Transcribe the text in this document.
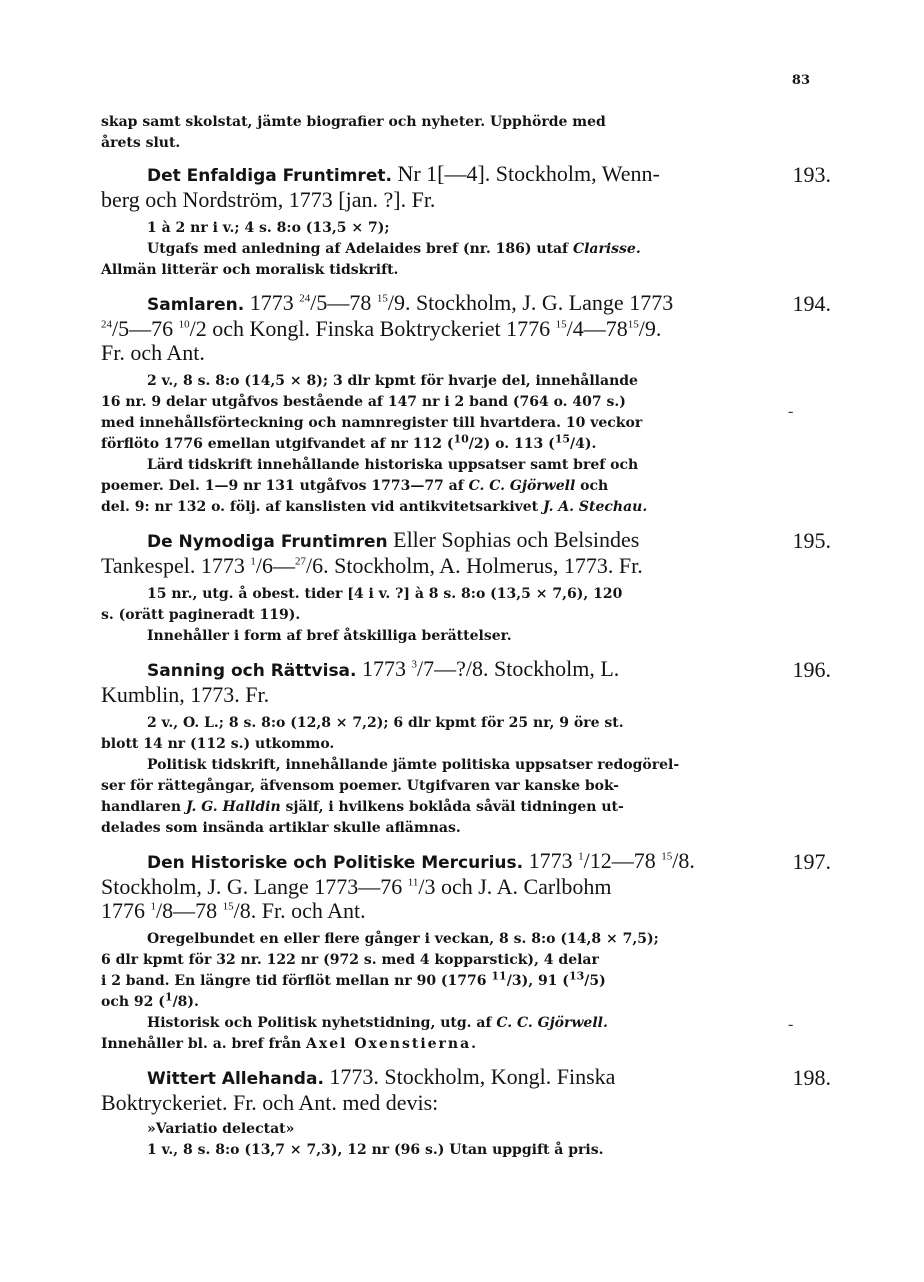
83
skap samt skolstat, jämte biografier och nyheter. Upphörde med
årets slut.
193.
Det Enfaldiga Fruntimret. Nr 1[—4]. Stockholm, Wenn-
berg och Nordström, 1773 [jan. ?]. Fr.
1 à 2 nr i v.; 4 s. 8:o (13,5 × 7);
Utgafs med anledning af Adelaides bref (nr. 186) utaf Clarisse.
Allmän litterär och moralisk tidskrift.
194.
Samlaren. 1773 $^{24}$/5—78 $^{15}$/9. Stockholm, J. G. Lange 1773
$^{24}$/5—76 $^{10}$/2 och Kongl. Finska Boktryckeriet 1776 $^{15}/4—78^{15}/9$.
Fr. och Ant.
2 v., 8 s. 8:o (14,5 × 8); 3 dlr kpmt för hvarje del, innehållande
16 nr. 9 delar utgåfvos bestående af 147 nr i 2 band (764 o. 407 s.)
med innehållsförteckning och namnregister till hvartdera. 10 veckor
förflöto 1776 emellan utgifvandet af nr 112 ($^{10}$/2) o. 113 ($^{15}$/4).
Lärd tidskrift innehållande historiska uppsatser samt bref och
poemer. Del. 1—9 nr 131 utgåfvos 1773—77 af C. C. Gjörwell och
del. 9: nr 132 o. följ. af kanslisten vid antikvitetsarkivet J. A. Stechau.
195.
De Nymodiga Fruntimren Eller Sophias och Belsindes
Tankespel. 1773 $^1$/6—$^{27}$/6. Stockholm, A. Holmerus, 1773. Fr.
15 nr., utg. å obest. tider [4 i v. ?] à 8 s. 8:o (13,5 × 7,6), 120
s. (orätt pagineradt 119).
Innehåller i form af bref åtskilliga berättelser.
196.
Sanning och Rättvisa. 1773 $^3$/7—?/8. Stockholm, L.
Kumblin, 1773. Fr.
2 v., O. L.; 8 s. 8:o (12,8 × 7,2); 6 dlr kpmt för 25 nr, 9 öre st.
blott 14 nr (112 s.) utkommo.
Politisk tidskrift, innehållande jämte politiska uppsatser redogörel-
ser för rättegångar, äfvensom poemer. Utgifvaren var kanske bok-
handlaren J. G. Halldin själf, i hvilkens boklåda såväl tidningen ut-
delades som insända artiklar skulle aflämnas.
197.
Den Historiske och Politiske Mercurius. 1773 $^1$/12—78 $^{15}$/8.
Stockholm, J. G. Lange 1773—76 $^{11}$/3 och J. A. Carlbohm
1776 $^1$/8—78 $^{15}$/8. Fr. och Ant.
Oregelbundet en eller flere gånger i veckan, 8 s. 8:o (14,8 × 7,5);
6 dlr kpmt för 32 nr. 122 nr (972 s. med 4 kopparstick), 4 delar
i 2 band. En längre tid förflöt mellan nr 90 (1776 $^{11}$/3), 91 ($^{13}$/5)
och 92 ($^1$/8).
Historisk och Politisk nyhetstidning, utg. af C. C. Gjörwell.
Innehåller bl. a. bref från Axel Oxenstierna.
198.
Wittert Allehanda. 1773. Stockholm, Kongl. Finska
Boktryckeriet. Fr. och Ant. med devis:
»Variatio delectat»
1 v., 8 s. 8:o (13,7 × 7,3), 12 nr (96 s.) Utan uppgift å pris.
-
-
